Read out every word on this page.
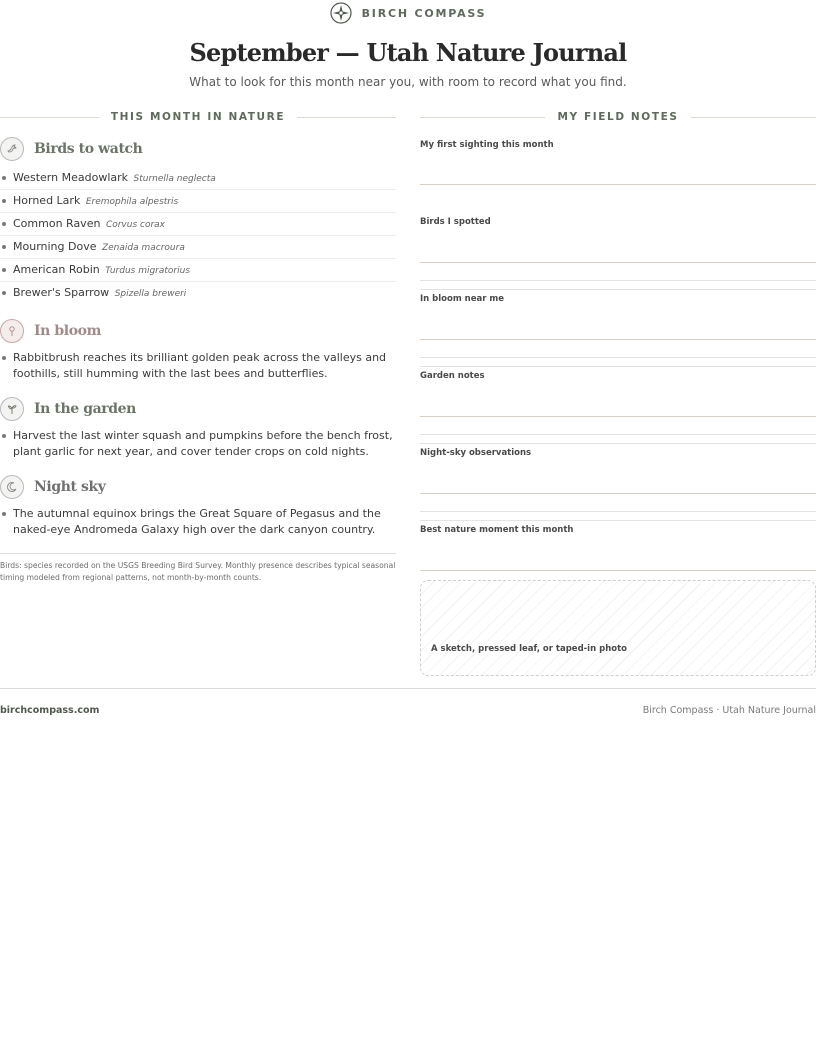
BIRCH COMPASS
September — Utah Nature Journal

What to look for this month near you, with room to record what you find.

THIS MONTH IN NATURE	MY FIELD NOTES
Birds to watch
Western Meadowlark Sturnella neglecta
Horned Lark Eremophila alpestris
Common Raven Corvus corax
Mourning Dove Zenaida macroura
American Robin Turdus migratorius
Brewer's Sparrow Spizella breweri
In bloom

Rabbitbrush reaches its brilliant golden peak across the valleys and foothills, still humming with the last bees and butterflies.

In the garden

Harvest the last winter squash and pumpkins before the bench frost, plant garlic for next year, and cover tender crops on cold nights.

Night sky

The autumnal equinox brings the Great Square of Pegasus and the naked-eye Andromeda Galaxy high over the dark canyon country.

Birds: species recorded on the USGS Breeding Bird Survey. Monthly presence describes typical seasonal timing modeled from regional patterns, not month-by-month counts.
My first sighting this month
Birds I spotted
In bloom near me
Garden notes
Night-sky observations
Best nature moment this month
A sketch, pressed leaf, or taped-in photo
birchcompass.com	Birch Compass · Utah Nature Journal
